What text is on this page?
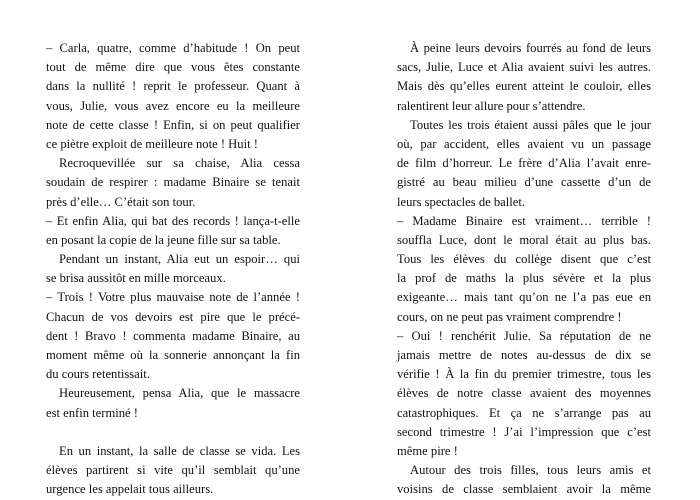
– Carla, quatre, comme d’habitude ! On peut
tout de même dire que vous êtes constante
dans la nullité ! reprit le professeur. Quant à
vous, Julie, vous avez encore eu la meilleure
note de cette classe ! Enfin, si on peut qualifier
ce piètre exploit de meilleure note ! Huit !
Recroquevillée sur sa chaise, Alia cessa
soudain de respirer : madame Binaire se tenait
près d’elle… C’était son tour.
– Et enfin Alia, qui bat des records ! lança-t-elle
en posant la copie de la jeune fille sur sa table.
Pendant un instant, Alia eut un espoir… qui
se brisa aussitôt en mille morceaux.
– Trois ! Votre plus mauvaise note de l’année !
Chacun de vos devoirs est pire que le précé-
dent ! Bravo ! commenta madame Binaire, au
moment même où la sonnerie annonçant la fin
du cours retentissait.
Heureusement, pensa Alia, que le massacre
est enfin terminé !
En un instant, la salle de classe se vida. Les
élèves partirent si vite qu’il semblait qu’une
urgence les appelait tous ailleurs.
À peine leurs devoirs fourrés au fond de leurs
sacs, Julie, Luce et Alia avaient suivi les autres.
Mais dès qu’elles eurent atteint le couloir, elles
ralentirent leur allure pour s’attendre.
Toutes les trois étaient aussi pâles que le jour
où, par accident, elles avaient vu un passage
de film d’horreur. Le frère d’Alia l’avait enre-
gistré au beau milieu d’une cassette d’un de
leurs spectacles de ballet.
– Madame Binaire est vraiment… terrible !
souffla Luce, dont le moral était au plus bas.
Tous les élèves du collège disent que c’est
la prof de maths la plus sévère et la plus
exigeante… mais tant qu’on ne l’a pas eue en
cours, on ne peut pas vraiment comprendre !
– Oui ! renchérit Julie. Sa réputation de ne
jamais mettre de notes au-dessus de dix se
vérifie ! À la fin du premier trimestre, tous les
élèves de notre classe avaient des moyennes
catastrophiques. Et ça ne s’arrange pas au
second trimestre ! J’ai l’impression que c’est
même pire !
Autour des trois filles, tous leurs amis et
voisins de classe semblaient avoir la même
